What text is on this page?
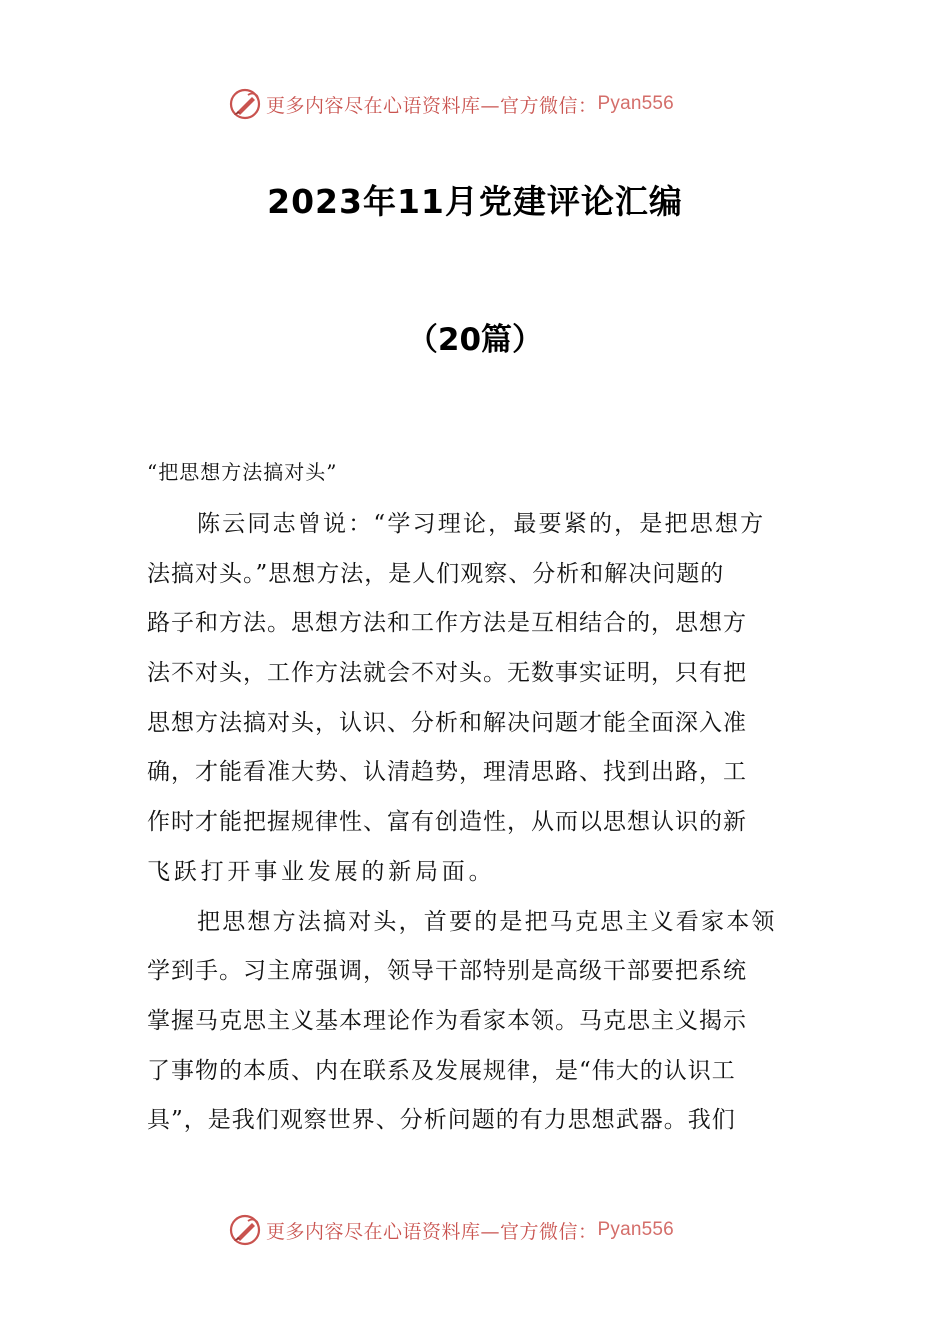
更多内容尽在心语资料库—官方微信： Pyan556
2023年11月党建评论汇编
（20篇）
“把思想方法搞对头”
陈云同志曾说：“学习理论，最要紧的，是把思想方
法搞对头。”思想方法，是人们观察、分析和解决问题的
路子和方法。思想方法和工作方法是互相结合的，思想方
法不对头，工作方法就会不对头。无数事实证明，只有把
思想方法搞对头，认识、分析和解决问题才能全面深入准
确，才能看准大势、认清趋势，理清思路、找到出路，工
作时才能把握规律性、富有创造性，从而以思想认识的新
飞跃打开事业发展的新局面。
把思想方法搞对头，首要的是把马克思主义看家本领
学到手。习主席强调，领导干部特别是高级干部要把系统
掌握马克思主义基本理论作为看家本领。马克思主义揭示
了事物的本质、内在联系及发展规律，是“伟大的认识工
具”，是我们观察世界、分析问题的有力思想武器。我们
更多内容尽在心语资料库—官方微信： Pyan556
